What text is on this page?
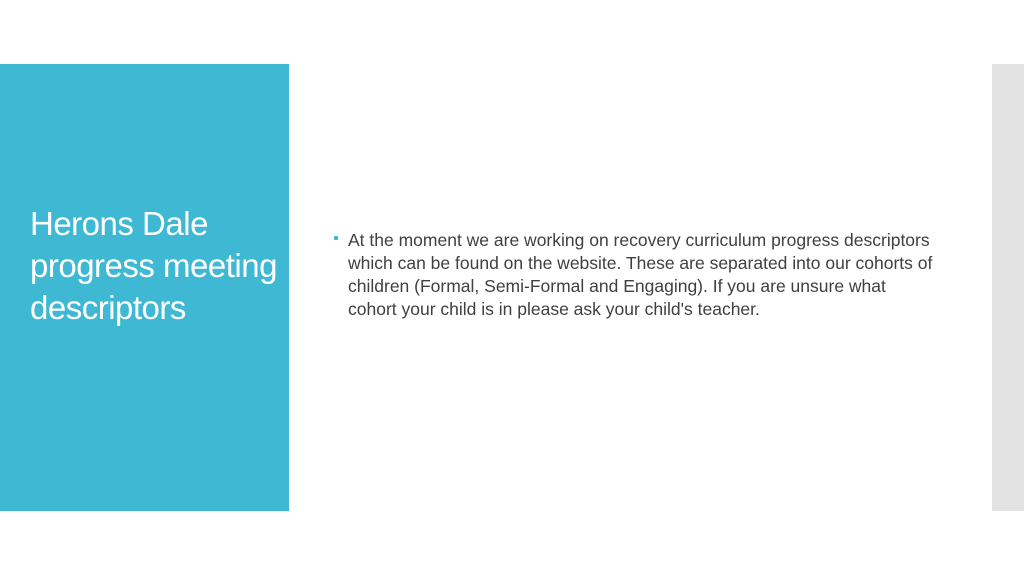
Herons Dale progress meeting descriptors
At the moment we are working on recovery curriculum progress descriptors which can be found on the website. These are separated into our cohorts of children (Formal, Semi-Formal and Engaging). If you are unsure what cohort your child is in please ask your child's teacher.
